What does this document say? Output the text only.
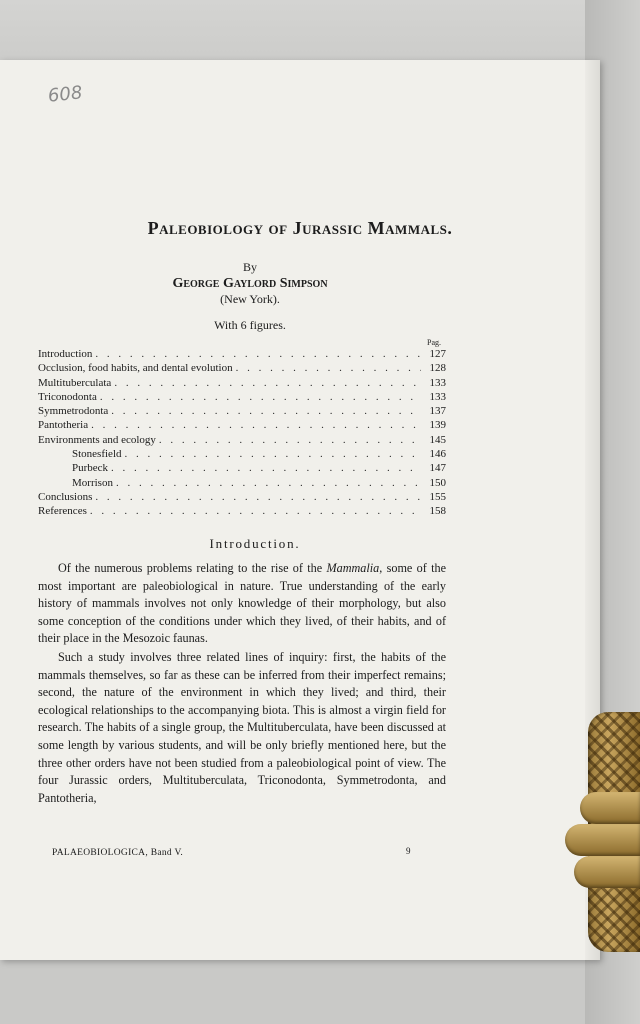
608
Paleobiology of Jurassic Mammals.
By
George Gaylord Simpson
(New York).
With 6 figures.
Pag.
Introduction . . .	127
Occlusion, food habits, and dental evolution . . .	128
Multituberculata . . .	133
Triconodonta . . .	133
Symmetrodonta . . .	137
Pantotheria . . .	139
Environments and ecology . . .	145
Stonesfield . . .	146
Purbeck . . .	147
Morrison . . .	150
Conclusions . . .	155
References . . .	158
Introduction.

Of the numerous problems relating to the rise of the Mammalia, some of the most important are paleobiological in nature. True understanding of the early history of mammals involves not only knowledge of their morphology, but also some conception of the conditions under which they lived, of their habits, and of their place in the Mesozoic faunas.

Such a study involves three related lines of inquiry: first, the habits of the mammals themselves, so far as these can be inferred from their imperfect remains; second, the nature of the environment in which they lived; and third, their ecological relationships to the accompanying biota. This is almost a virgin field for research. The habits of a single group, the Multituberculata, have been discussed at some length by various students, and will be only briefly mentioned here, but the three other orders have not been studied from a paleobiological point of view. The four Jurassic orders, Multituberculata, Triconodonta, Symmetrodonta, and Pantotheria,

PALAEOBIOLOGICA, Band V.	9
